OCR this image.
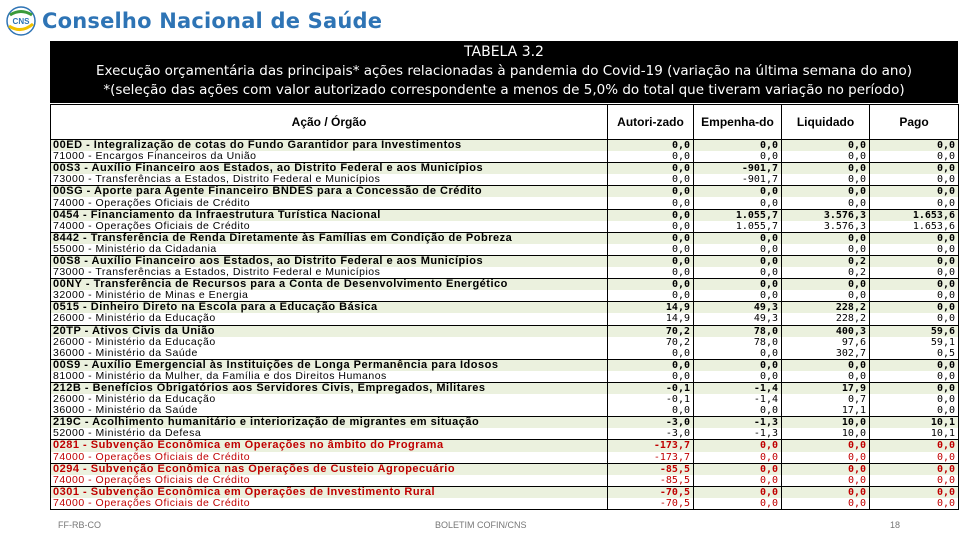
CNS Conselho Nacional de Saúde
TABELA 3.2
Execução orçamentária das principais* ações relacionadas à pandemia do Covid-19 (variação na última semana do ano)
*(seleção das ações com valor autorizado correspondente a menos de 5,0% do total que tiveram variação no período)
Ação / Órgão	Autori-zado	Empenha-do	Liquidado	Pago
00ED - Integralização de cotas do Fundo Garantidor para Investimentos	0,0	0,0	0,0	0,0
71000 - Encargos Financeiros da União	0,0	0,0	0,0	0,0
00S3 - Auxílio Financeiro aos Estados, ao Distrito Federal e aos Municípios	0,0	-901,7	0,0	0,0
73000 - Transferências a Estados, Distrito Federal e Municípios	0,0	-901,7	0,0	0,0
00SG - Aporte para Agente Financeiro BNDES para a Concessão de Crédito	0,0	0,0	0,0	0,0
74000 - Operações Oficiais de Crédito	0,0	0,0	0,0	0,0
0454 - Financiamento da Infraestrutura Turística Nacional	0,0	1.055,7	3.576,3	1.653,6
74000 - Operações Oficiais de Crédito	0,0	1.055,7	3.576,3	1.653,6
8442 - Transferência de Renda Diretamente às Famílias em Condição de Pobreza	0,0	0,0	0,0	0,0
55000 - Ministério da Cidadania	0,0	0,0	0,0	0,0
00S8 - Auxílio Financeiro aos Estados, ao Distrito Federal e aos Municípios	0,0	0,0	0,2	0,0
73000 - Transferências a Estados, Distrito Federal e Municípios	0,0	0,0	0,2	0,0
00NY - Transferência de Recursos para a Conta de Desenvolvimento Energético	0,0	0,0	0,0	0,0
32000 - Ministério de Minas e Energia	0,0	0,0	0,0	0,0
0515 - Dinheiro Direto na Escola para a Educação Básica	14,9	49,3	228,2	0,0
26000 - Ministério da Educação	14,9	49,3	228,2	0,0
20TP - Ativos Civis da União	70,2	78,0	400,3	59,6
26000 - Ministério da Educação	70,2	78,0	97,6	59,1
36000 - Ministério da Saúde	0,0	0,0	302,7	0,5
00S9 - Auxílio Emergencial às Instituições de Longa Permanência para Idosos	0,0	0,0	0,0	0,0
81000 - Ministério da Mulher, da Família e dos Direitos Humanos	0,0	0,0	0,0	0,0
212B - Benefícios Obrigatórios aos Servidores Civis, Empregados, Militares	-0,1	-1,4	17,9	0,0
26000 - Ministério da Educação	-0,1	-1,4	0,7	0,0
36000 - Ministério da Saúde	0,0	0,0	17,1	0,0
219C - Acolhimento humanitário e interiorização de migrantes em situação	-3,0	-1,3	10,0	10,1
52000 - Ministério da Defesa	-3,0	-1,3	10,0	10,1
0281 - Subvenção Econômica em Operações no âmbito do Programa	-173,7	0,0	0,0	0,0
74000 - Operações Oficiais de Crédito	-173,7	0,0	0,0	0,0
0294 - Subvenção Econômica nas Operações de Custeio Agropecuário	-85,5	0,0	0,0	0,0
74000 - Operações Oficiais de Crédito	-85,5	0,0	0,0	0,0
0301 - Subvenção Econômica em Operações de Investimento Rural	-70,5	0,0	0,0	0,0
74000 - Operações Oficiais de Crédito	-70,5	0,0	0,0	0,0
FF-RB-CO	BOLETIM COFIN/CNS	18
